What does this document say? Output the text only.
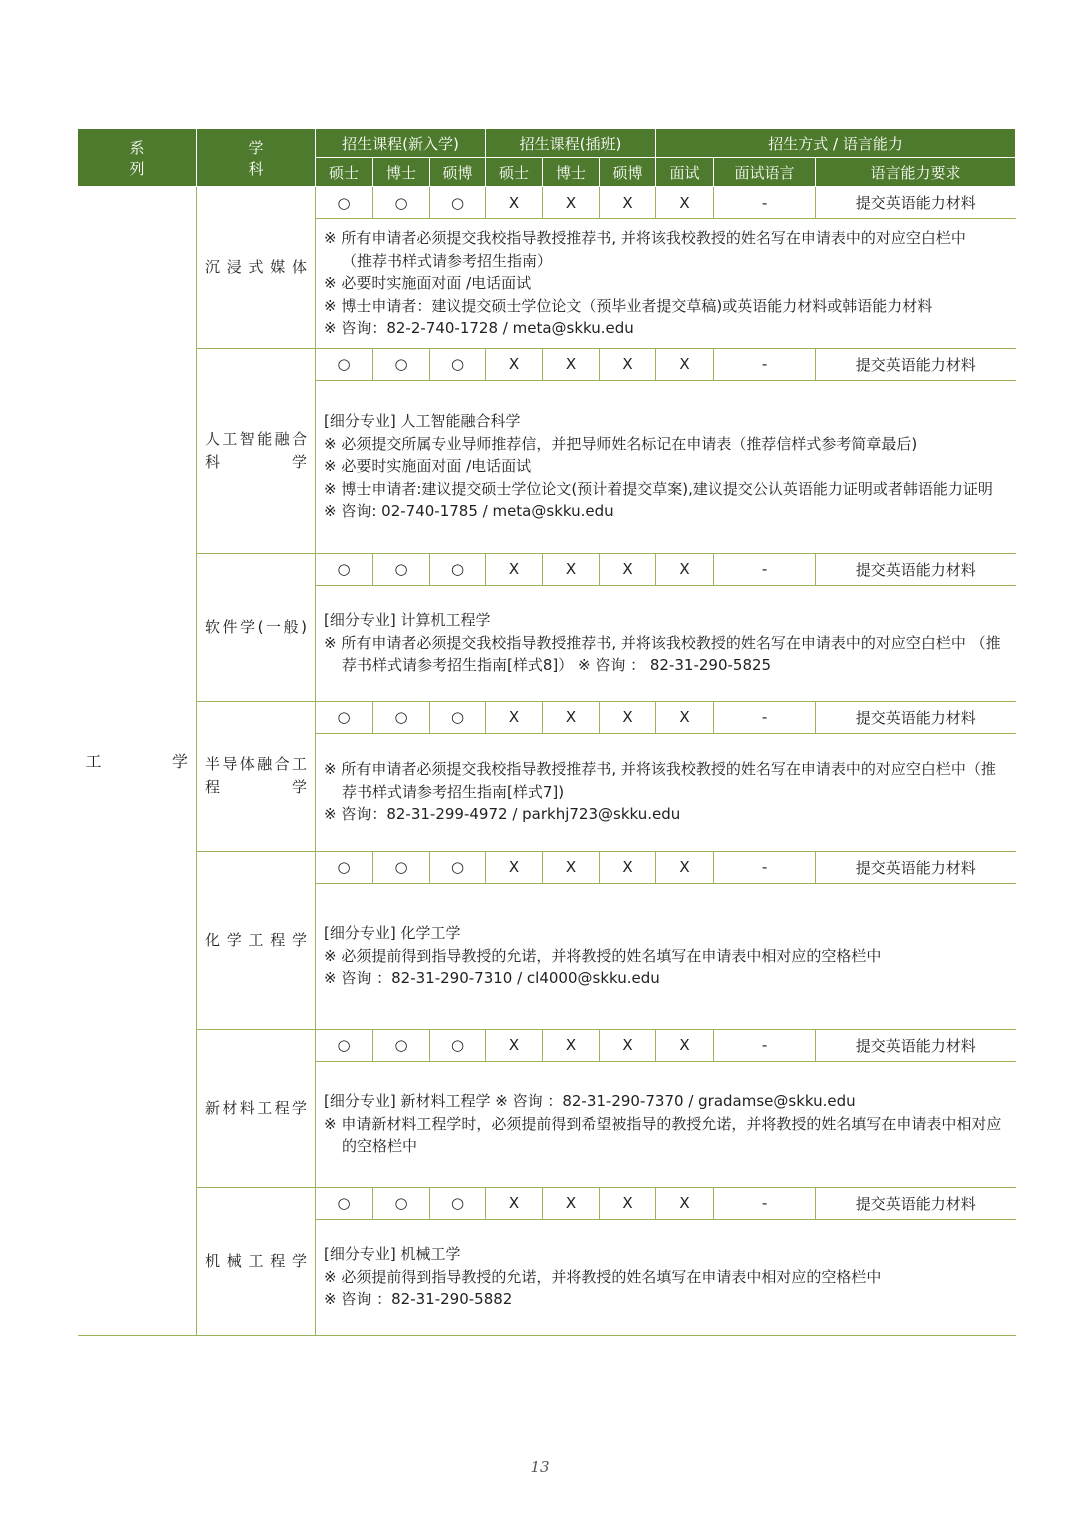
系 列	学 科	招生课程(新入学)			招生课程(插班)			招生方式 / 语言能力		
		硕士	博士	硕博	硕士	博士	硕博	面试	面试语言	语言能力要求

工 学	沉浸式媒体	○	○	○	X	X	X	X	-	提交英语能力材料

		※ 所有申请者必须提交我校指导教授推荐书, 并将该我校教授的姓名写在申请表中的对应空白栏中
（推荐书样式请参考招生指南）
※ 必要时实施面对面 /电话面试
※ 博士申请者：建议提交硕士学位论文（预毕业者提交草稿)或英语能力材料或韩语能力材料
※ 咨询：82-2-740-1728 / meta@skku.edu								

	人工智能融合科学	○	○	○	X	X	X	X	-	提交英语能力材料

		[细分专业] 人工智能融合科学
※ 必须提交所属专业导师推荐信，并把导师姓名标记在申请表（推荐信样式参考简章最后)
※ 必要时实施面对面 /电话面试
※ 博士申请者:建议提交硕士学位论文(预计着提交草案),建议提交公认英语能力证明或者韩语能力证明
※ 咨询: 02-740-1785 / meta@skku.edu								

	软件学(一般)	○	○	○	X	X	X	X	-	提交英语能力材料

		[细分专业] 计算机工程学
※ 所有申请者必须提交我校指导教授推荐书, 并将该我校教授的姓名写在申请表中的对应空白栏中 （推荐书样式请参考招生指南[样式8]） ※ 咨询 ： 82-31-290-5825								

	半导体融合工程学	○	○	○	X	X	X	X	-	提交英语能力材料

		※ 所有申请者必须提交我校指导教授推荐书, 并将该我校教授的姓名写在申请表中的对应空白栏中（推荐书样式请参考招生指南[样式7])
※ 咨询：82-31-299-4972 / parkhj723@skku.edu								

	化学工程学	○	○	○	X	X	X	X	-	提交英语能力材料

		[细分专业] 化学工学
※ 必须提前得到指导教授的允诺，并将教授的姓名填写在申请表中相对应的空格栏中
※ 咨询 ：82-31-290-7310 / cl4000@skku.edu								

	新材料工程学	○	○	○	X	X	X	X	-	提交英语能力材料

		[细分专业] 新材料工程学 ※ 咨询 ：82-31-290-7370 / gradamse@skku.edu
※ 申请新材料工程学时，必须提前得到希望被指导的教授允诺，并将教授的姓名填写在申请表中相对应的空格栏中								

	机械工程学	○	○	○	X	X	X	X	-	提交英语能力材料

		[细分专业] 机械工学
※ 必须提前得到指导教授的允诺，并将教授的姓名填写在申请表中相对应的空格栏中
※ 咨询 ：82-31-290-5882								
13
